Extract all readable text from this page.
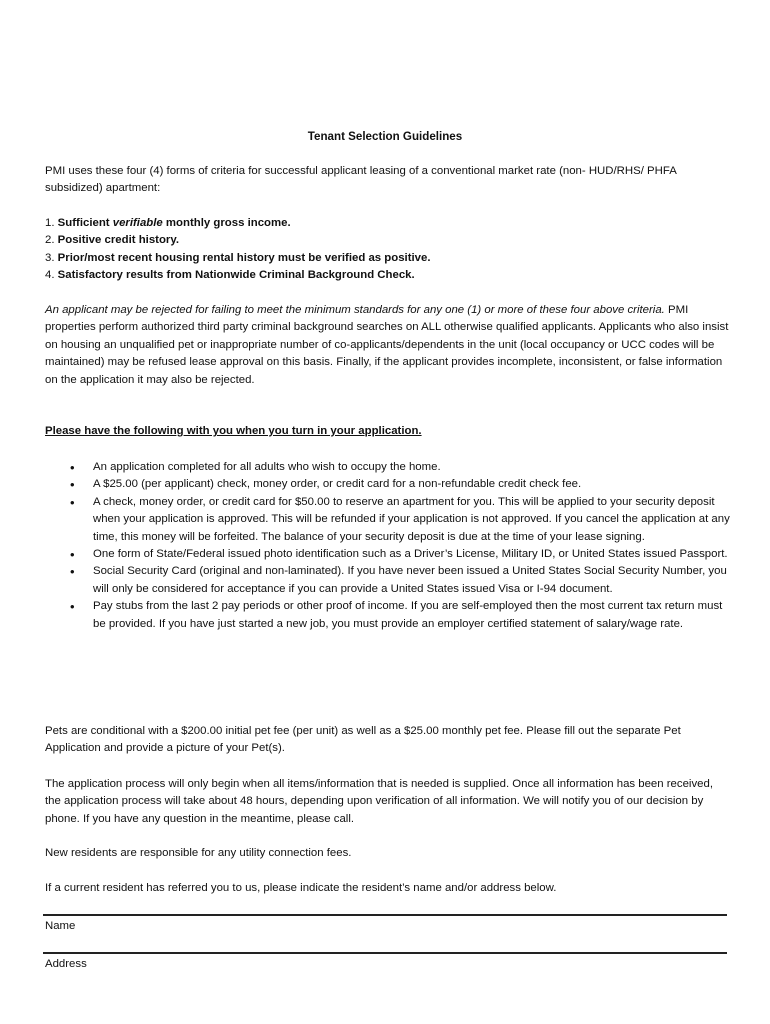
Tenant Selection Guidelines

PMI uses these four (4) forms of criteria for successful applicant leasing of a conventional market rate (non- HUD/RHS/ PHFA subsidized) apartment:

1. Sufficient verifiable monthly gross income.
2. Positive credit history.
3. Prior/most recent housing rental history must be verified as positive.
4. Satisfactory results from Nationwide Criminal Background Check.

An applicant may be rejected for failing to meet the minimum standards for any one (1) or more of these four above criteria. PMI properties perform authorized third party criminal background searches on ALL otherwise qualified applicants. Applicants who also insist on housing an unqualified pet or inappropriate number of co-applicants/dependents in the unit (local occupancy or UCC codes will be maintained) may be refused lease approval on this basis. Finally, if the applicant provides incomplete, inconsistent, or false information on the application it may also be rejected.

Please have the following with you when you turn in your application.

• An application completed for all adults who wish to occupy the home.
• A $25.00 (per applicant) check, money order, or credit card for a non-refundable credit check fee.
• A check, money order, or credit card for $50.00 to reserve an apartment for you. This will be applied to your security deposit when your application is approved. This will be refunded if your application is not approved. If you cancel the application at any time, this money will be forfeited. The balance of your security deposit is due at the time of your lease signing.
• One form of State/Federal issued photo identification such as a Driver’s License, Military ID, or United States issued Passport.
• Social Security Card (original and non-laminated). If you have never been issued a United States Social Security Number, you will only be considered for acceptance if you can provide a United States issued Visa or I-94 document.
• Pay stubs from the last 2 pay periods or other proof of income. If you are self-employed then the most current tax return must be provided. If you have just started a new job, you must provide an employer certified statement of salary/wage rate.

Pets are conditional with a $200.00 initial pet fee (per unit) as well as a $25.00 monthly pet fee. Please fill out the separate Pet Application and provide a picture of your Pet(s).

The application process will only begin when all items/information that is needed is supplied. Once all information has been received, the application process will take about 48 hours, depending upon verification of all information. We will notify you of our decision by phone. If you have any question in the meantime, please call.

New residents are responsible for any utility connection fees.

If a current resident has referred you to us, please indicate the resident’s name and/or address below.

Name
Address
